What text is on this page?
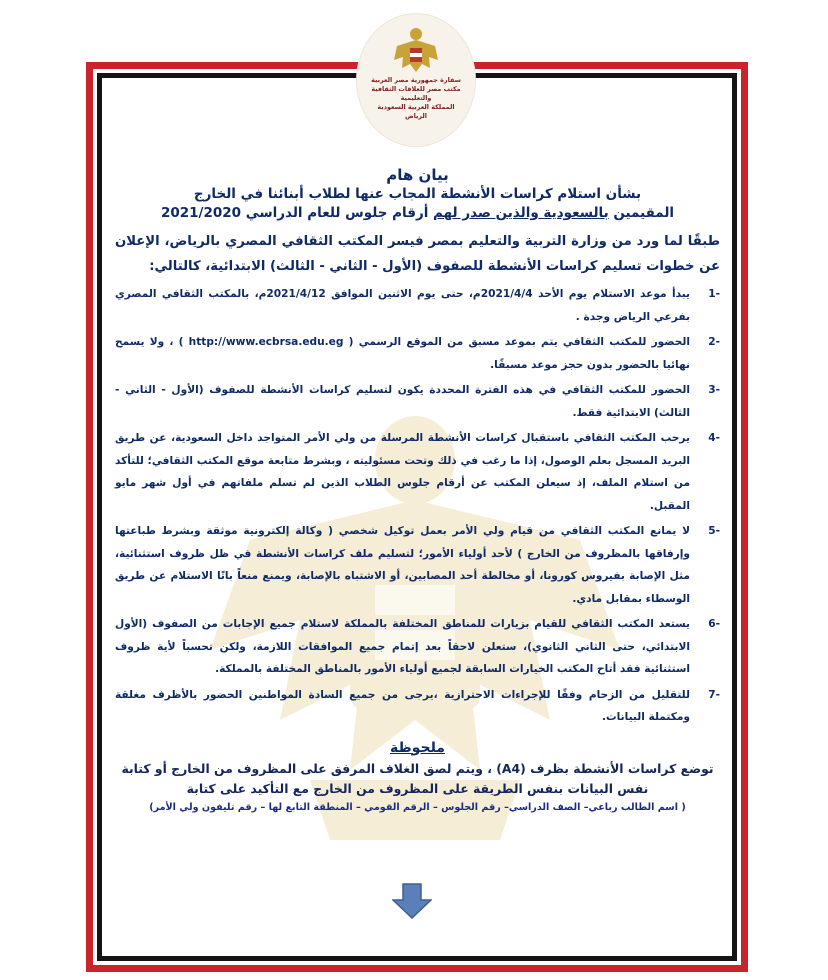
سفارة جمهورية مصر العربية
مكتب مصر للعلاقات الثقافية والتعليمية
المملكة العربية السعودية
الرياض
بيان هام
بشأن استلام كراسات الأنشطة المجاب عنها لطلاب أبنائنا في الخارج
المقيمين بالسعودية والذين صدر لهم أرقام جلوس للعام الدراسي 2021/2020
طبقًا لما ورد من وزارة التربية والتعليم بمصر فيسر المكتب الثقافي المصري بالرياض، الإعلان عن خطوات تسليم كراسات الأنشطة للصفوف (الأول - الثاني - الثالث) الابتدائية، كالتالي:
-1
يبدأ موعد الاستلام يوم الأحد 2021/4/4م، حتى يوم الاثنين الموافق 2021/4/12م، بالمكتب الثقافي المصري بفرعي الرياض وجدة .
-2
الحضور للمكتب الثقافي يتم بموعد مسبق من الموقع الرسمي ( http://www.ecbrsa.edu.eg ) ، ولا يسمح نهائيا بالحضور بدون حجز موعد مسبقًا.
-3
الحضور للمكتب الثقافي في هذه الفترة المحددة يكون لتسليم كراسات الأنشطة للصفوف (الأول - الثاني - الثالث) الابتدائية فقط.
-4
يرحب المكتب الثقافي باستقبال كراسات الأنشطة المرسلة من ولي الأمر المتواجد داخل السعودية، عن طريق البريد المسجل بعلم الوصول، إذا ما رغب في ذلك وتحت مسئوليته ، وبشرط متابعة موقع المكتب الثقافي؛ للتأكد من استلام الملف، إذ سيعلن المكتب عن أرقام جلوس الطلاب الذين لم تسلم ملفاتهم في أول شهر مايو المقبل.
-5
لا يمانع المكتب الثقافي من قيام ولي الأمر بعمل توكيل شخصي ( وكالة إلكترونية موثقة وبشرط طباعتها وإرفاقها بالمظروف من الخارج ) لأحد أولياء الأمور؛ لتسليم ملف كراسات الأنشطة في ظل ظروف استثنائية، مثل الإصابة بفيروس كورونا، أو مخالطة أحد المصابين، أو الاشتباه بالإصابة، ويمنع منعاً باتًا الاستلام عن طريق الوسطاء بمقابل مادي.
-6
يستعد المكتب الثقافي للقيام بزيارات للمناطق المختلفة بالمملكة لاستلام جميع الإجابات من الصفوف (الأول الابتدائي، حتى الثاني الثانوي)، ستعلن لاحقاً بعد إتمام جميع الموافقات اللازمة، ولكن تحسباً لأية ظروف استثنائية فقد أتاح المكتب الخيارات السابقة لجميع أولياء الأمور بالمناطق المختلفة بالمملكة.
-7
للتقليل من الزحام وفقًا للإجراءات الاحترازية ،يرجى من جميع السادة المواطنين الحضور بالأظرف مغلقة ومكتملة البيانات.
ملحوظة
توضع كراسات الأنشطة بظرف (A4) ، ويتم لصق الغلاف المرفق على المظروف من الخارج أو كتابة
نفس البيانات بنفس الطريقة على المظروف من الخارج مع التأكيد على كتابة
( اسم الطالب رباعي– الصف الدراسي– رقم الجلوس – الرقم القومي – المنطقة التابع لها – رقم تليفون ولي الأمر)
